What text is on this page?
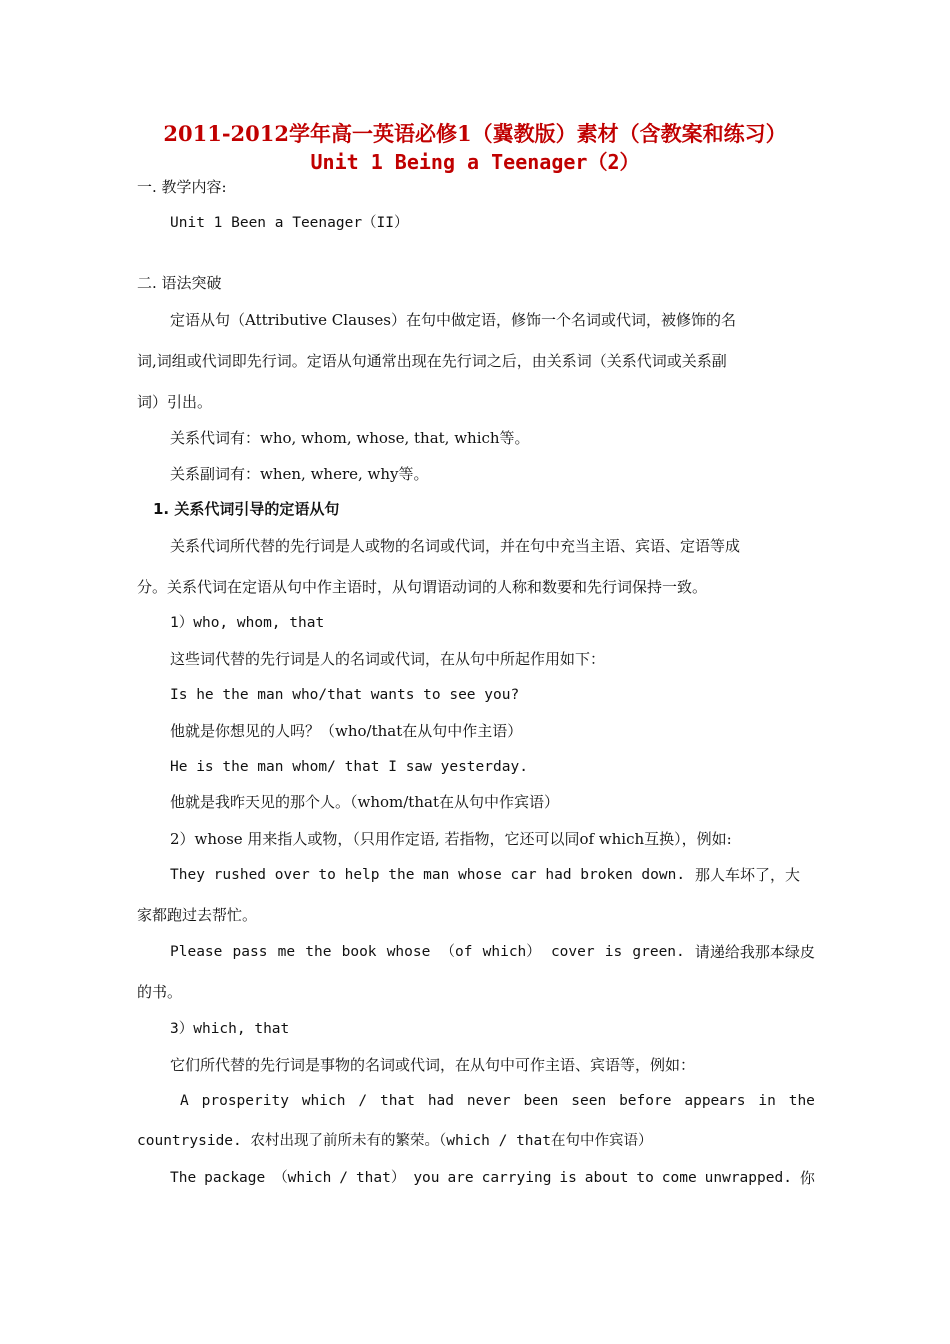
2011-2012学年高一英语必修1（冀教版）素材（含教案和练习）
Unit 1 Being a Teenager（2）
一. 教学内容:
Unit 1 Been a Teenager（II）
二. 语法突破
定语从句（Attributive Clauses）在句中做定语，修饰一个名词或代词，被修饰的名
词,词组或代词即先行词。定语从句通常出现在先行词之后，由关系词（关系代词或关系副
词）引出。
关系代词有：who, whom, whose, that, which等。
关系副词有：when, where, why等。
1. 关系代词引导的定语从句
关系代词所代替的先行词是人或物的名词或代词，并在句中充当主语、宾语、定语等成
分。关系代词在定语从句中作主语时，从句谓语动词的人称和数要和先行词保持一致。
1）who, whom, that
这些词代替的先行词是人的名词或代词，在从句中所起作用如下：
Is he the man who/that wants to see you?
他就是你想见的人吗？（who/that在从句中作主语）
He is the man whom/ that I saw yesterday.
他就是我昨天见的那个人。（whom/that在从句中作宾语）
2）whose 用来指人或物，（只用作定语, 若指物，它还可以同of which互换），例如:
They rushed over to help the man whose car had broken down. 那人车坏了，大
家都跑过去帮忙。
Please pass me the book whose （of which） cover is green. 请递给我那本绿皮
的书。
3）which, that
它们所代替的先行词是事物的名词或代词，在从句中可作主语、宾语等，例如：
A prosperity which / that had never been seen before appears in the
countryside. 农村出现了前所未有的繁荣。（which / that在句中作宾语）
The package （which / that） you are carrying is about to come unwrapped. 你
